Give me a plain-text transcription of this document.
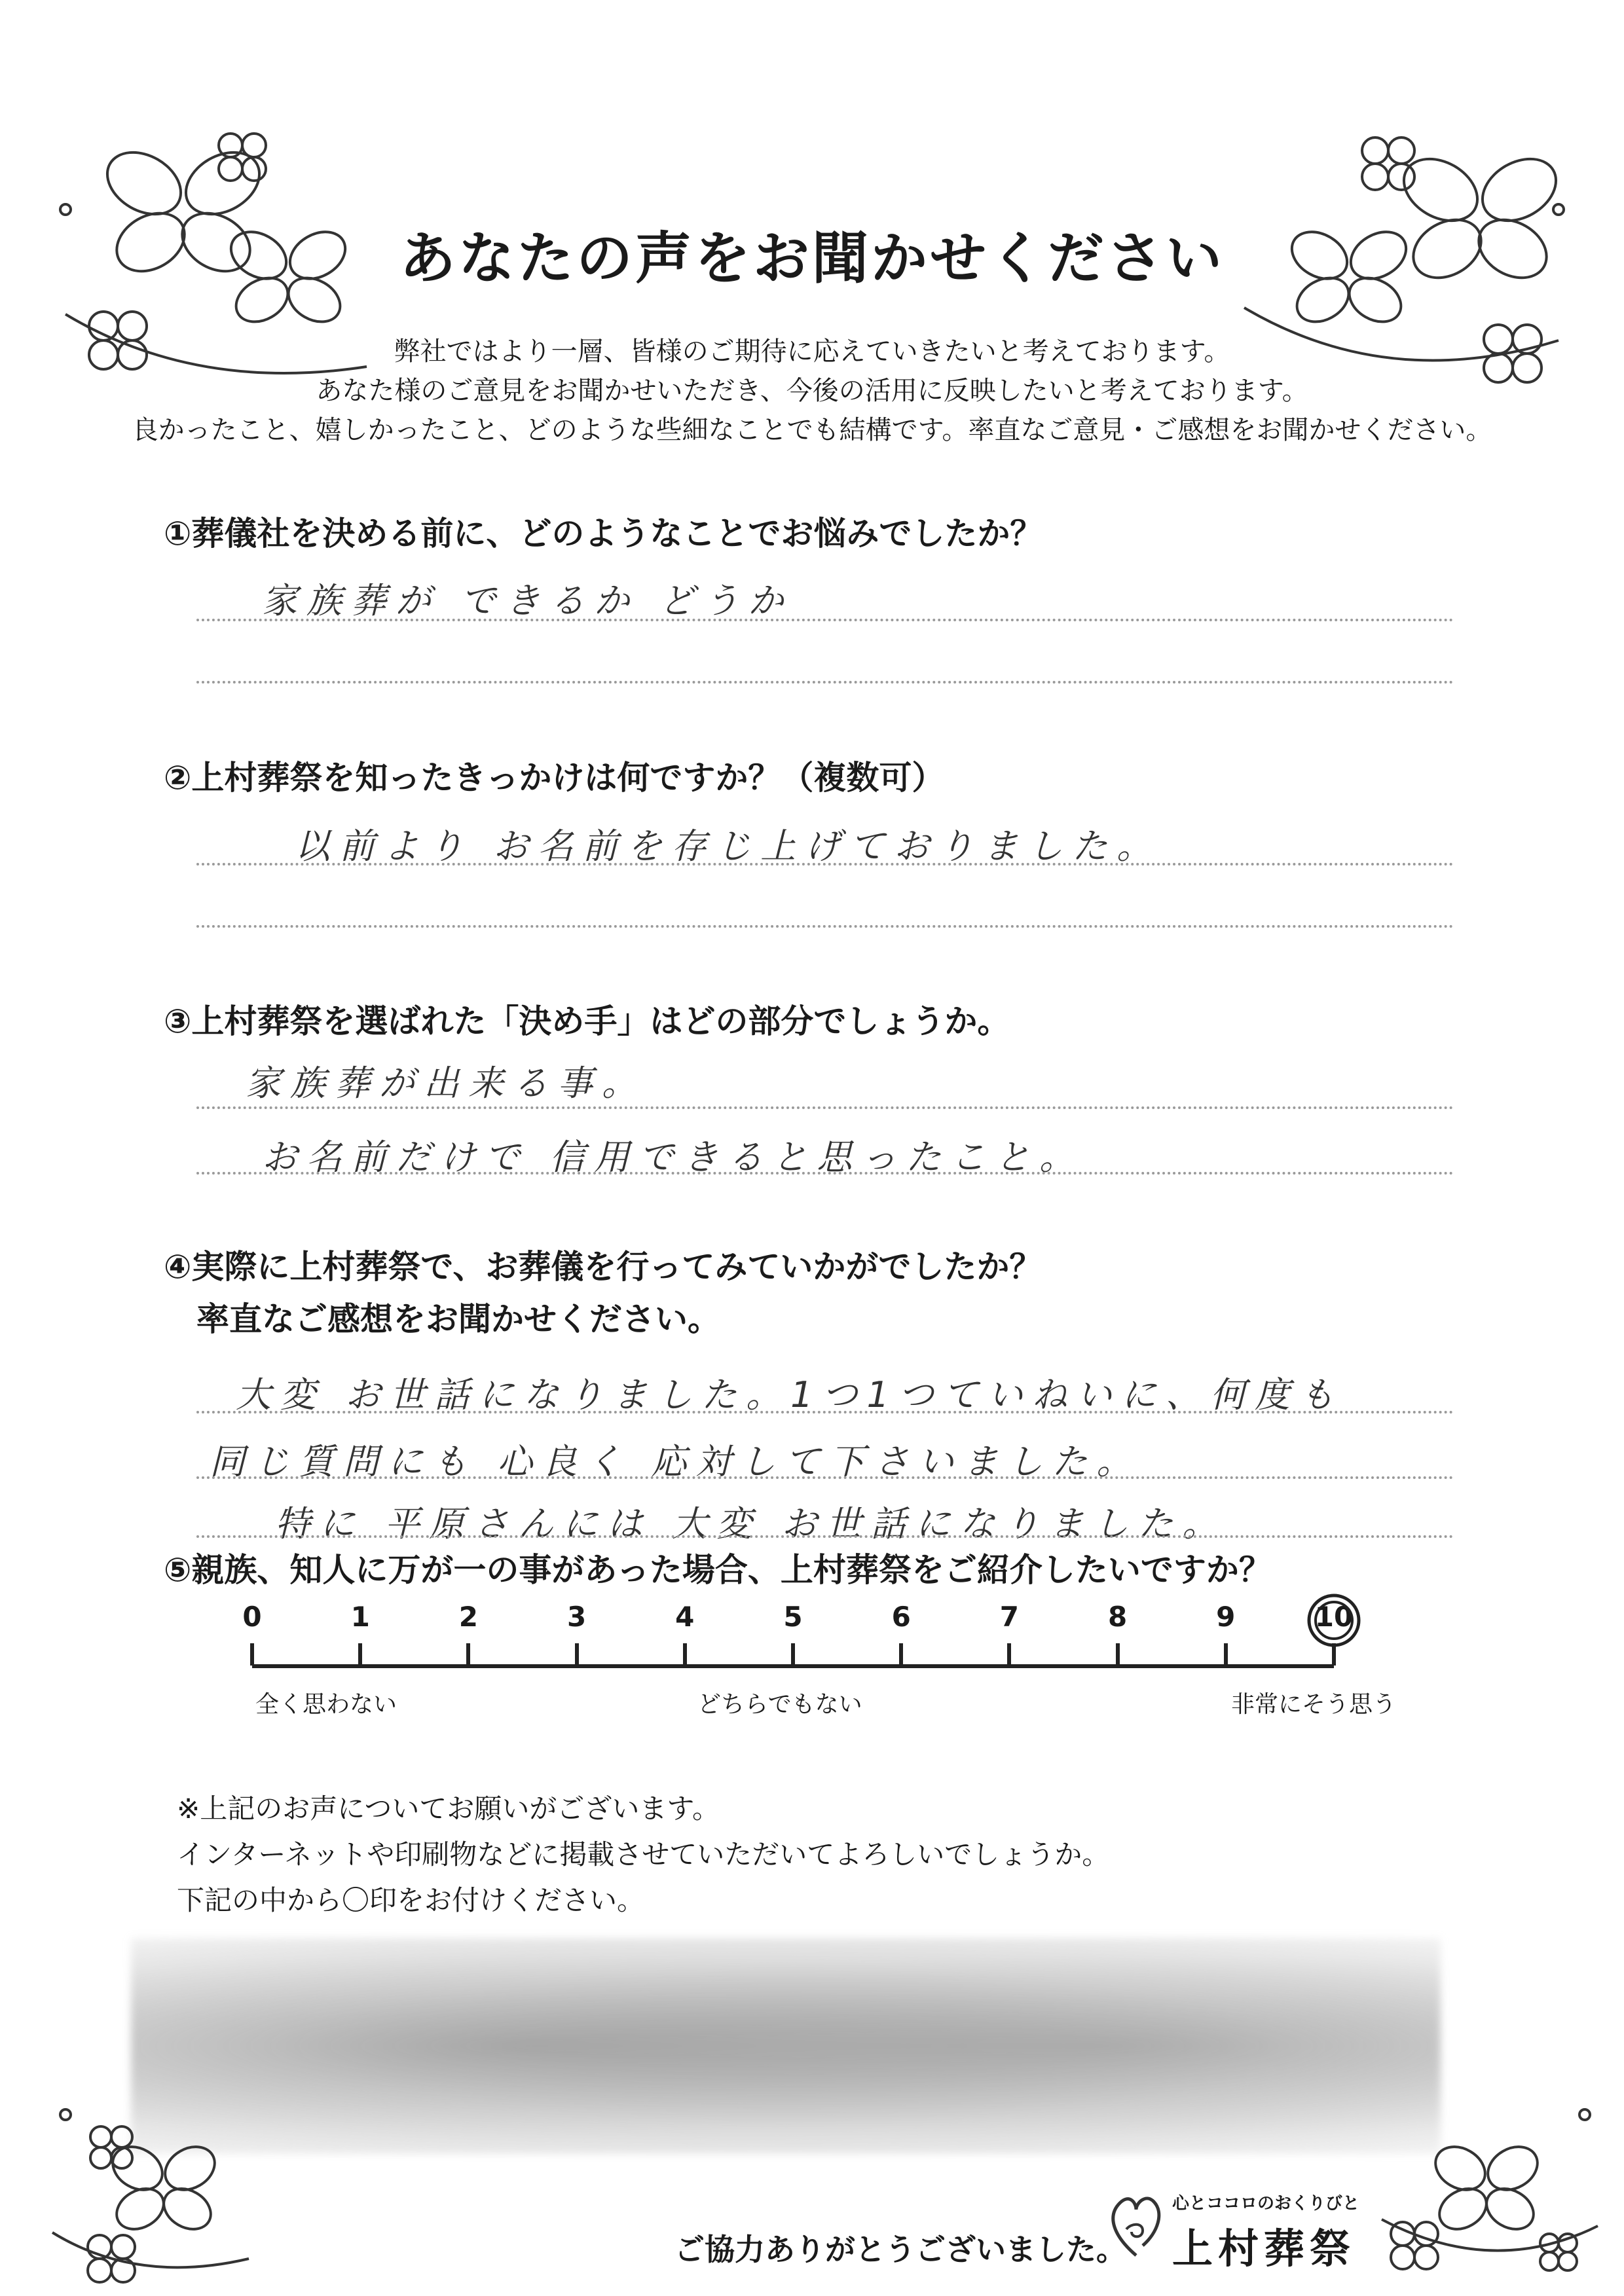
あなたの声をお聞かせください
弊社ではより一層、皆様のご期待に応えていきたいと考えております。
あなた様のご意見をお聞かせいただき、今後の活用に反映したいと考えております。
良かったこと、嬉しかったこと、どのような些細なことでも結構です。率直なご意見・ご感想をお聞かせください。
①葬儀社を決める前に、どのようなことでお悩みでしたか？
家族葬が できるか どうか
②上村葬祭を知ったきっかけは何ですか？（複数可）
以前より お名前を存じ上げておりました。
③上村葬祭を選ばれた「決め手」はどの部分でしょうか。
家族葬が出来る事。
お名前だけで 信用できると思ったこと。
④実際に上村葬祭で、お葬儀を行ってみていかがでしたか？
率直なご感想をお聞かせください。
大変 お世話になりました。1つ1つていねいに、何度も
同じ質問にも 心良く 応対して下さいました。
特に 平原さんには 大変 お世話になりました。
⑤親族、知人に万が一の事があった場合、上村葬祭をご紹介したいですか？
0	1	2	3	4	5	6	7	8	9	10
全く思わない	どちらでもない	非常にそう思う
※上記のお声についてお願いがございます。
インターネットや印刷物などに掲載させていただいてよろしいでしょうか。
下記の中から〇印をお付けください。
ご協力ありがとうございました。
心とココロのおくりびと
上村葬祭
